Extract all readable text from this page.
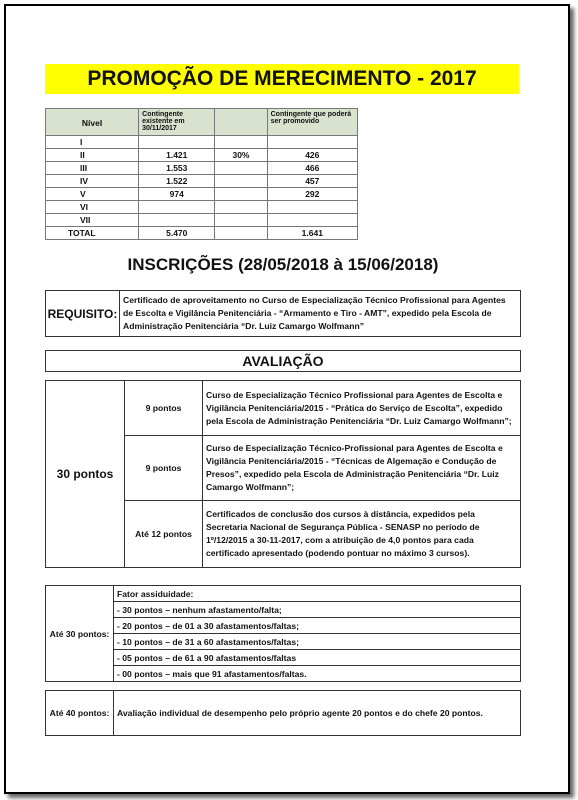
PROMOÇÃO DE MERECIMENTO - 2017
Nível	Contingente existente em 30/11/2017		Contingente que poderá ser promovido
I			
II	1.421	30%	426
III	1.553		466
IV	1.522		457
V	974		292
VI			
VII			
TOTAL	5.470		1.641
INSCRIÇÕES (28/05/2018 à 15/06/2018)
REQUISITO:	Certificado de aproveitamento no Curso de Especialização Técnico Profissional para Agentes de Escolta e Vigilância Penitenciária - “Armamento e Tiro - AMT”, expedido pela Escola de Administração Penitenciária “Dr. Luiz Camargo Wolfmann”
AVALIAÇÃO
30 pontos	9 pontos	Curso de Especialização Técnico Profissional para Agentes de Escolta e Vigilância Penitenciária/2015 - “Prática do Serviço de Escolta”, expedido pela Escola de Administração Penitenciária “Dr. Luiz Camargo Wolfmann”;
	9 pontos	Curso de Especialização Técnico-Profissional para Agentes de Escolta e Vigilância Penitenciária/2015 - “Técnicas de Algemação e Condução de Presos”, expedido pela Escola de Administração Penitenciária “Dr. Luiz Camargo Wolfmann”;
	Até 12 pontos	Certificados de conclusão dos cursos à distância, expedidos pela Secretaria Nacional de Segurança Pública - SENASP no período de 1º/12/2015 a 30-11-2017, com a atribuição de 4,0 pontos para cada certificado apresentado (podendo pontuar no máximo 3 cursos).
Até 30 pontos:	Fator assiduidade:
- 30 pontos – nenhum afastamento/falta;
- 20 pontos – de 01 a 30 afastamentos/faltas;
- 10 pontos – de 31 a 60 afastamentos/faltas;
- 05 pontos – de 61 a 90 afastamentos/faltas
- 00 pontos – mais que 91 afastamentos/faltas.
Até 40 pontos:	Avaliação individual de desempenho pelo próprio agente 20 pontos e do chefe 20 pontos.
